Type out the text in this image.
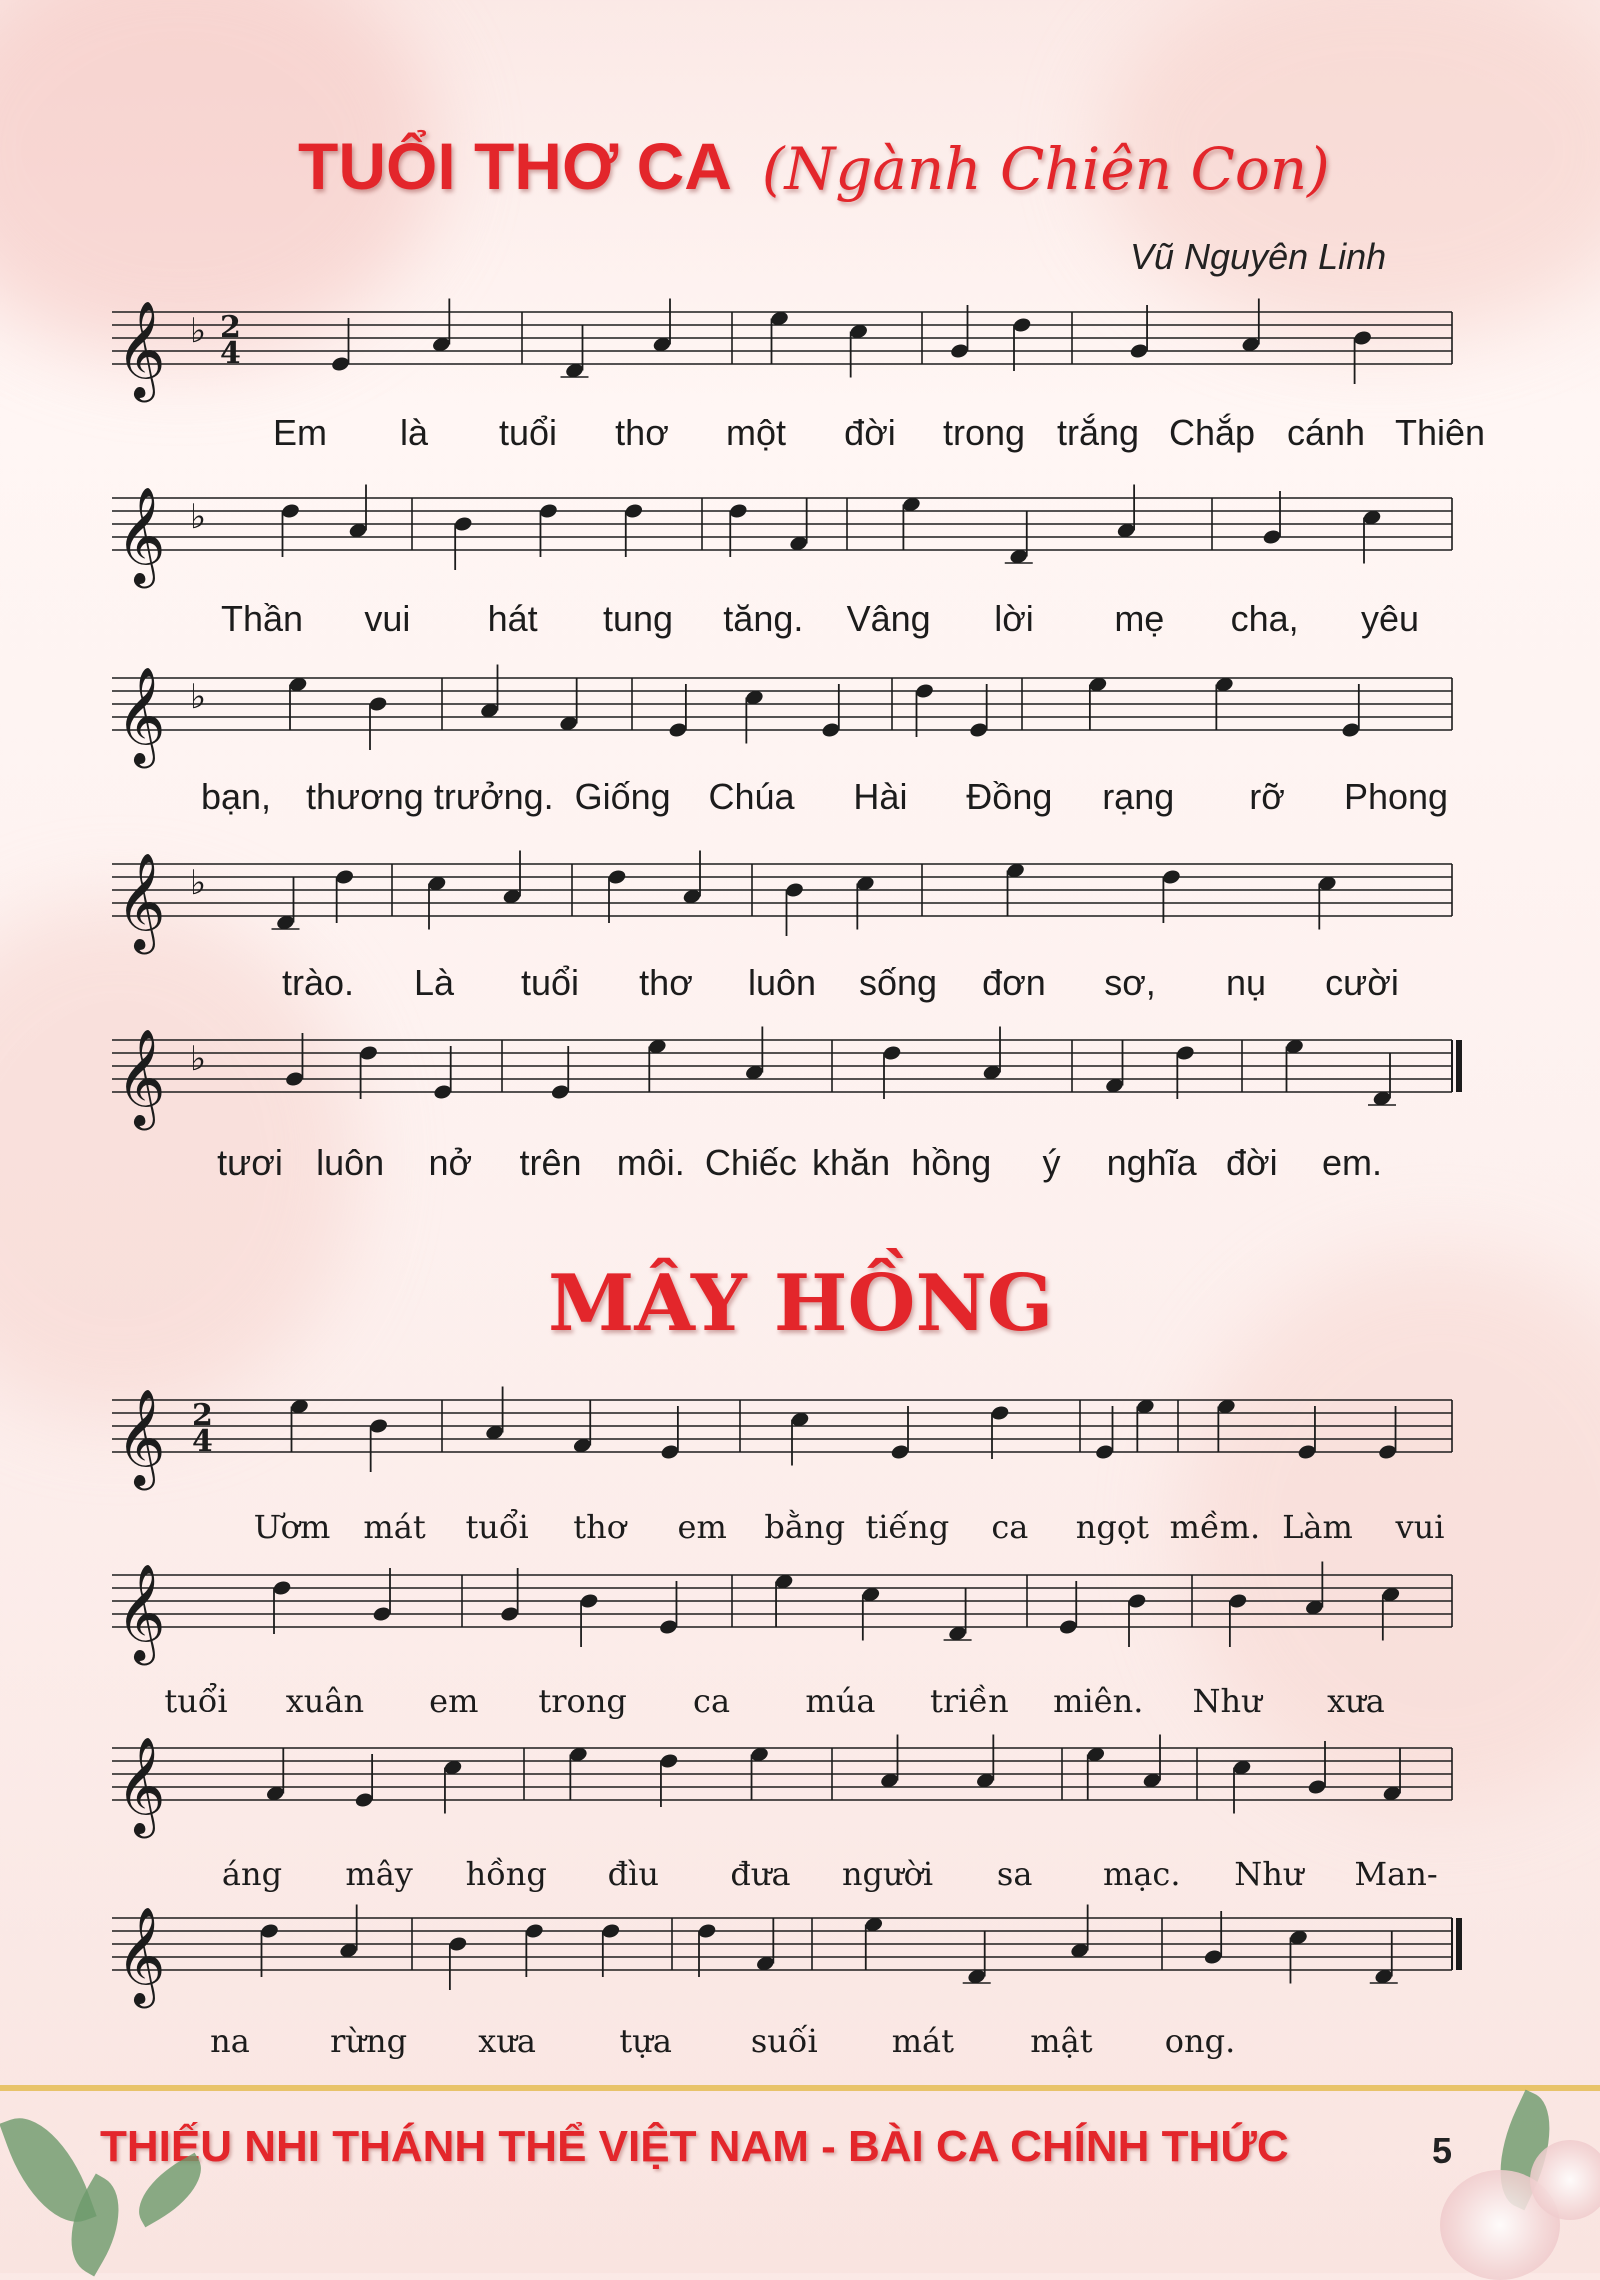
TUỔI THƠ CA (Ngành Chiên Con)
Vũ Nguyên Linh
𝄞 ♭ 2
4
𝄞 ♭
𝄞 ♭
𝄞 ♭
𝄞 ♭
MÂY HỒNG
𝄞 2
4
𝄞
𝄞
𝄞
Em là tuổi thơ một đời trong trắng Chắp cánh Thiên
Thần vui hát tung tăng. Vâng lời mẹ cha, yêu
bạn, thương trưởng. Giống Chúa Hài Đồng rạng rỡ Phong
trào. Là tuổi thơ luôn sống đơn sơ, nụ cười
tươi luôn nở trên môi. Chiếc khăn hồng ý nghĩa đời em.
Ươm mát tuổi thơ em bằng tiếng ca ngọt mềm. Làm vui
tuổi xuân em trong ca múa triền miên. Như xưa
áng mây hồng đìu đưa người sa mạc. Như Man-
na	rừng xưa	tựa suối mát mật ong.
THIẾU NHI THÁNH THỂ VIỆT NAM - BÀI CA CHÍNH THỨC	5
